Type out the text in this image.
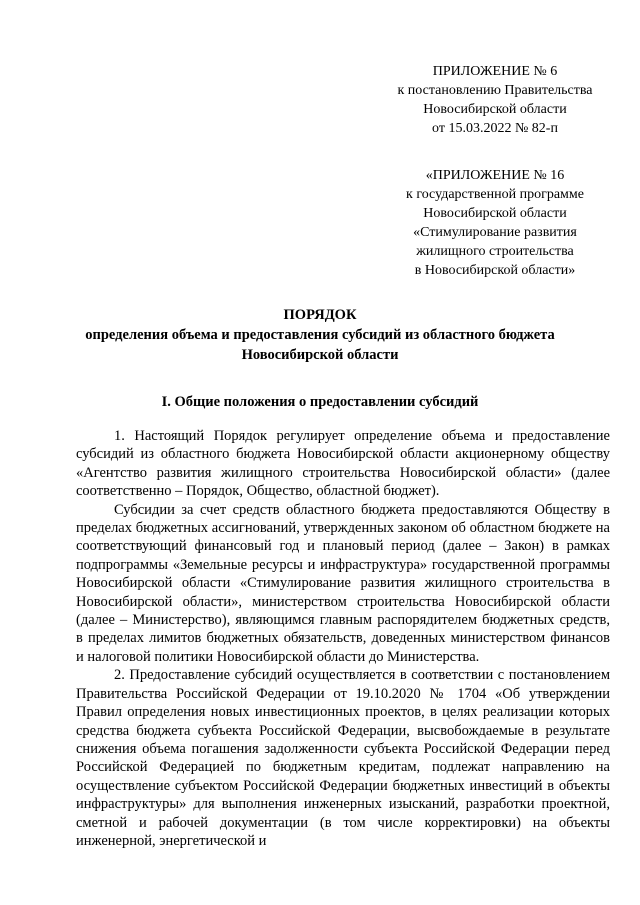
ПРИЛОЖЕНИЕ № 6
к постановлению Правительства
Новосибирской области
от 15.03.2022 № 82-п
«ПРИЛОЖЕНИЕ № 16
к государственной программе
Новосибирской области
«Стимулирование развития
жилищного строительства
в Новосибирской области»
ПОРЯДОК
определения объема и предоставления субсидий из областного бюджета
Новосибирской области
I. Общие положения о предоставлении субсидий

1. Настоящий Порядок регулирует определение объема и предоставление субсидий из областного бюджета Новосибирской области акционерному обществу «Агентство развития жилищного строительства Новосибирской области» (далее соответственно – Порядок, Общество, областной бюджет).

Субсидии за счет средств областного бюджета предоставляются Обществу в пределах бюджетных ассигнований, утвержденных законом об областном бюджете на соответствующий финансовый год и плановый период (далее – Закон) в рамках подпрограммы «Земельные ресурсы и инфраструктура» государственной программы Новосибирской области «Стимулирование развития жилищного строительства в Новосибирской области», министерством строительства Новосибирской области (далее – Министерство), являющимся главным распорядителем бюджетных средств, в пределах лимитов бюджетных обязательств, доведенных министерством финансов и налоговой политики Новосибирской области до Министерства.

2. Предоставление субсидий осуществляется в соответствии с постановлением Правительства Российской Федерации от 19.10.2020 № 1704 «Об утверждении Правил определения новых инвестиционных проектов, в целях реализации которых средства бюджета субъекта Российской Федерации, высвобождаемые в результате снижения объема погашения задолженности субъекта Российской Федерации перед Российской Федерацией по бюджетным кредитам, подлежат направлению на осуществление субъектом Российской Федерации бюджетных инвестиций в объекты инфраструктуры» для выполнения инженерных изысканий, разработки проектной, сметной и рабочей документации (в том числе корректировки) на объекты инженерной, энергетической и
